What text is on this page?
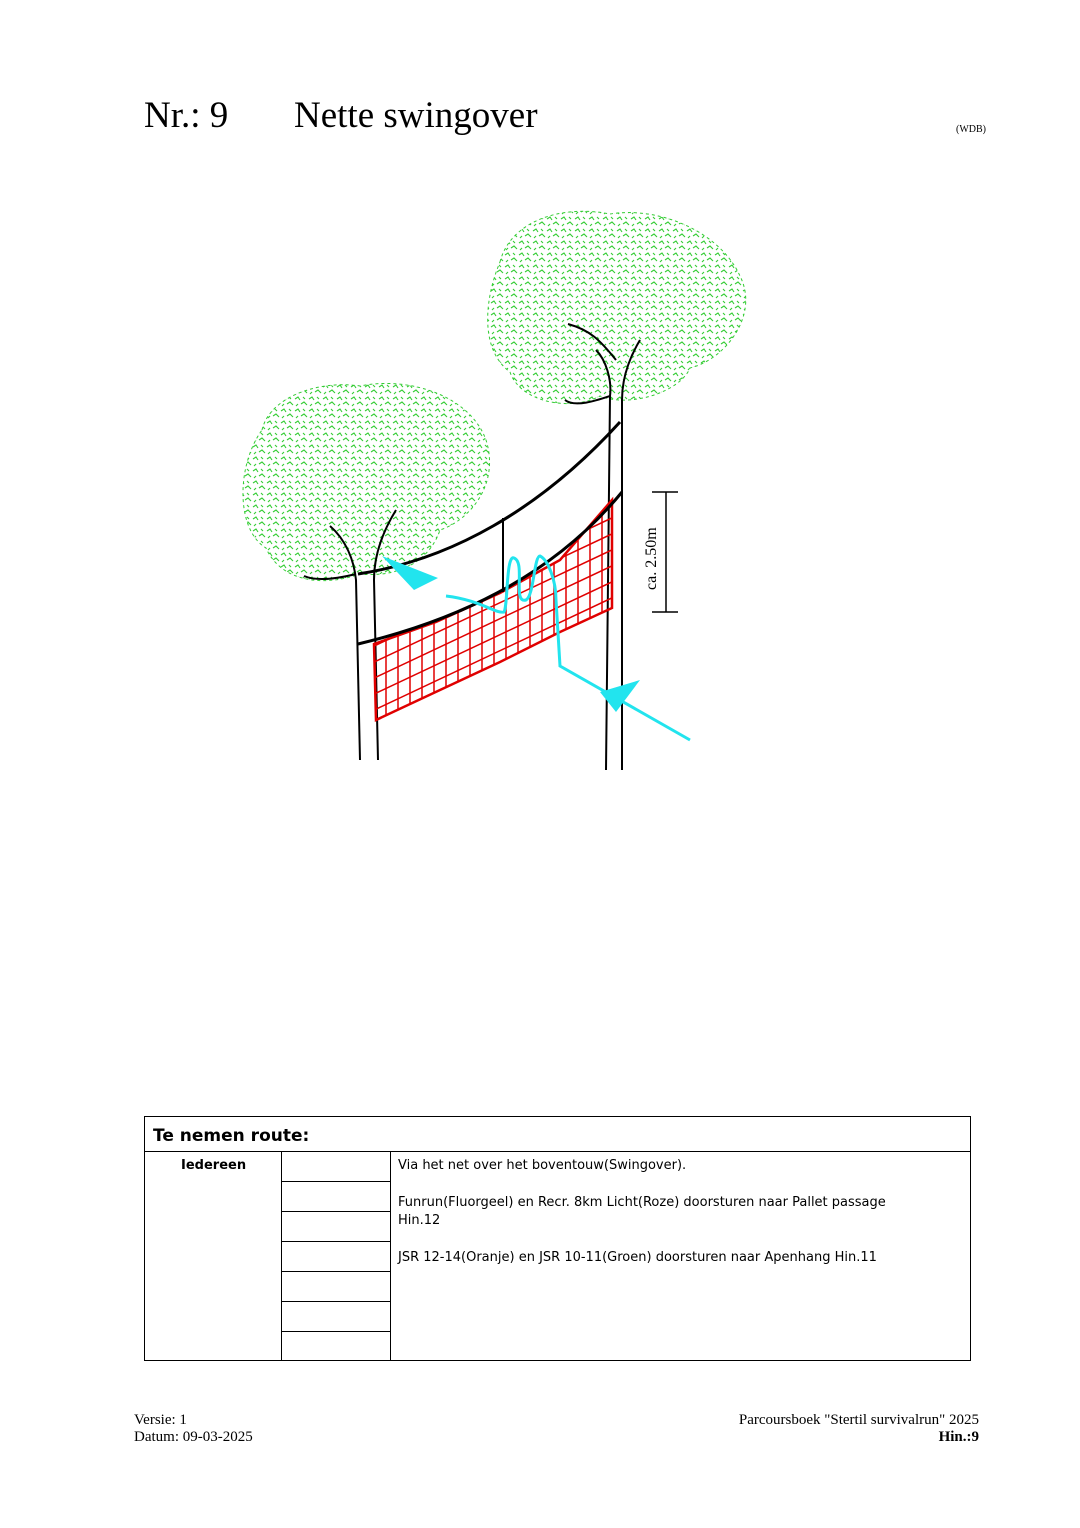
Nr.: 9 Nette swingover	(WDB)
ca. 2.50m
Te nemen route:
Iedereen	Via het net over het boventouw(Swingover).
Funrun(Fluorgeel) en Recr. 8km Licht(Roze) doorsturen naar Pallet passage Hin.12
JSR 12-14(Oranje) en JSR 10-11(Groen) doorsturen naar Apenhang Hin.11
Versie: 1
Datum: 09-03-2025
Parcoursboek "Stertil survivalrun" 2025
Hin.:9
